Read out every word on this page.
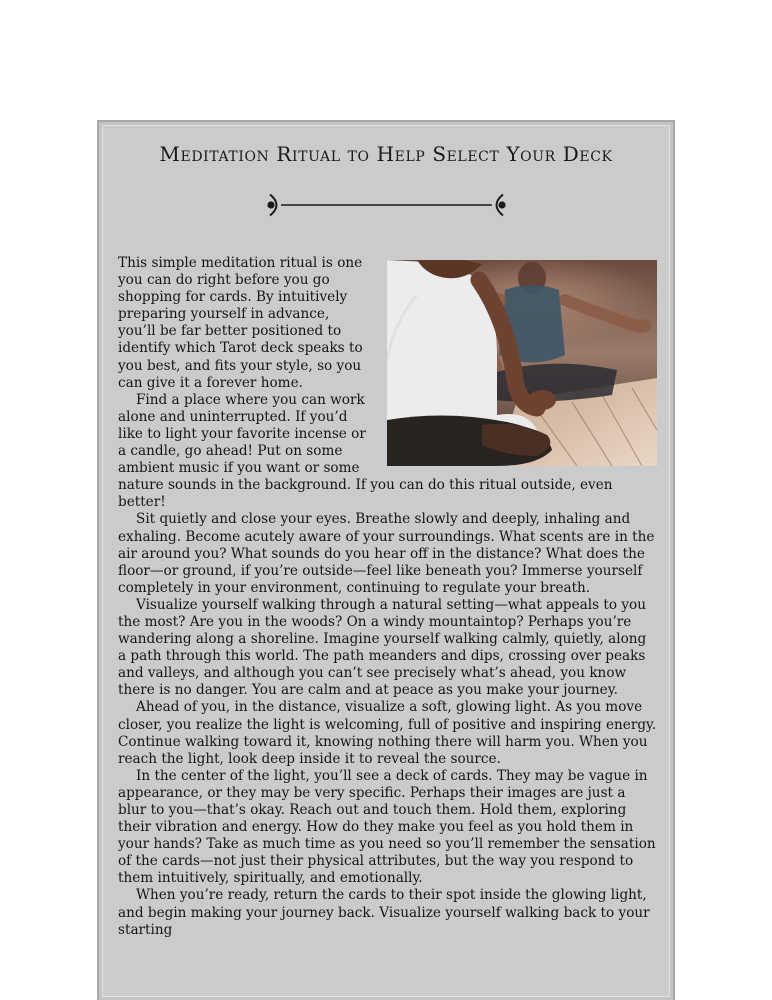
Meditation Ritual to Help Select Your Deck

This simple meditation ritual is one you can do right before you go shopping for cards. By intuitively preparing yourself in advance, you’ll be far better positioned to identify which Tarot deck speaks to you best, and fits your style, so you can give it a forever home.

Find a place where you can work alone and uninterrupted. If you’d like to light your favorite incense or a candle, go ahead! Put on some ambient music if you want or some nature sounds in the background. If you can do this ritual outside, even better!

Sit quietly and close your eyes. Breathe slowly and deeply, inhaling and exhaling. Become acutely aware of your surroundings. What scents are in the air around you? What sounds do you hear off in the distance? What does the floor—or ground, if you’re outside—feel like beneath you? Immerse yourself completely in your environment, continuing to regulate your breath.

Visualize yourself walking through a natural setting—what appeals to you the most? Are you in the woods? On a windy mountaintop? Perhaps you’re wandering along a shoreline. Imagine yourself walking calmly, quietly, along a path through this world. The path meanders and dips, crossing over peaks and valleys, and although you can’t see precisely what’s ahead, you know there is no danger. You are calm and at peace as you make your journey.

Ahead of you, in the distance, visualize a soft, glowing light. As you move closer, you realize the light is welcoming, full of positive and inspiring energy. Continue walking toward it, knowing nothing there will harm you. When you reach the light, look deep inside it to reveal the source.

In the center of the light, you’ll see a deck of cards. They may be vague in appearance, or they may be very specific. Perhaps their images are just a blur to you—that’s okay. Reach out and touch them. Hold them, exploring their vibration and energy. How do they make you feel as you hold them in your hands? Take as much time as you need so you’ll remember the sensation of the cards—not just their physical attributes, but the way you respond to them intuitively, spiritually, and emotionally.

When you’re ready, return the cards to their spot inside the glowing light, and begin making your journey back. Visualize yourself walking back to your starting
